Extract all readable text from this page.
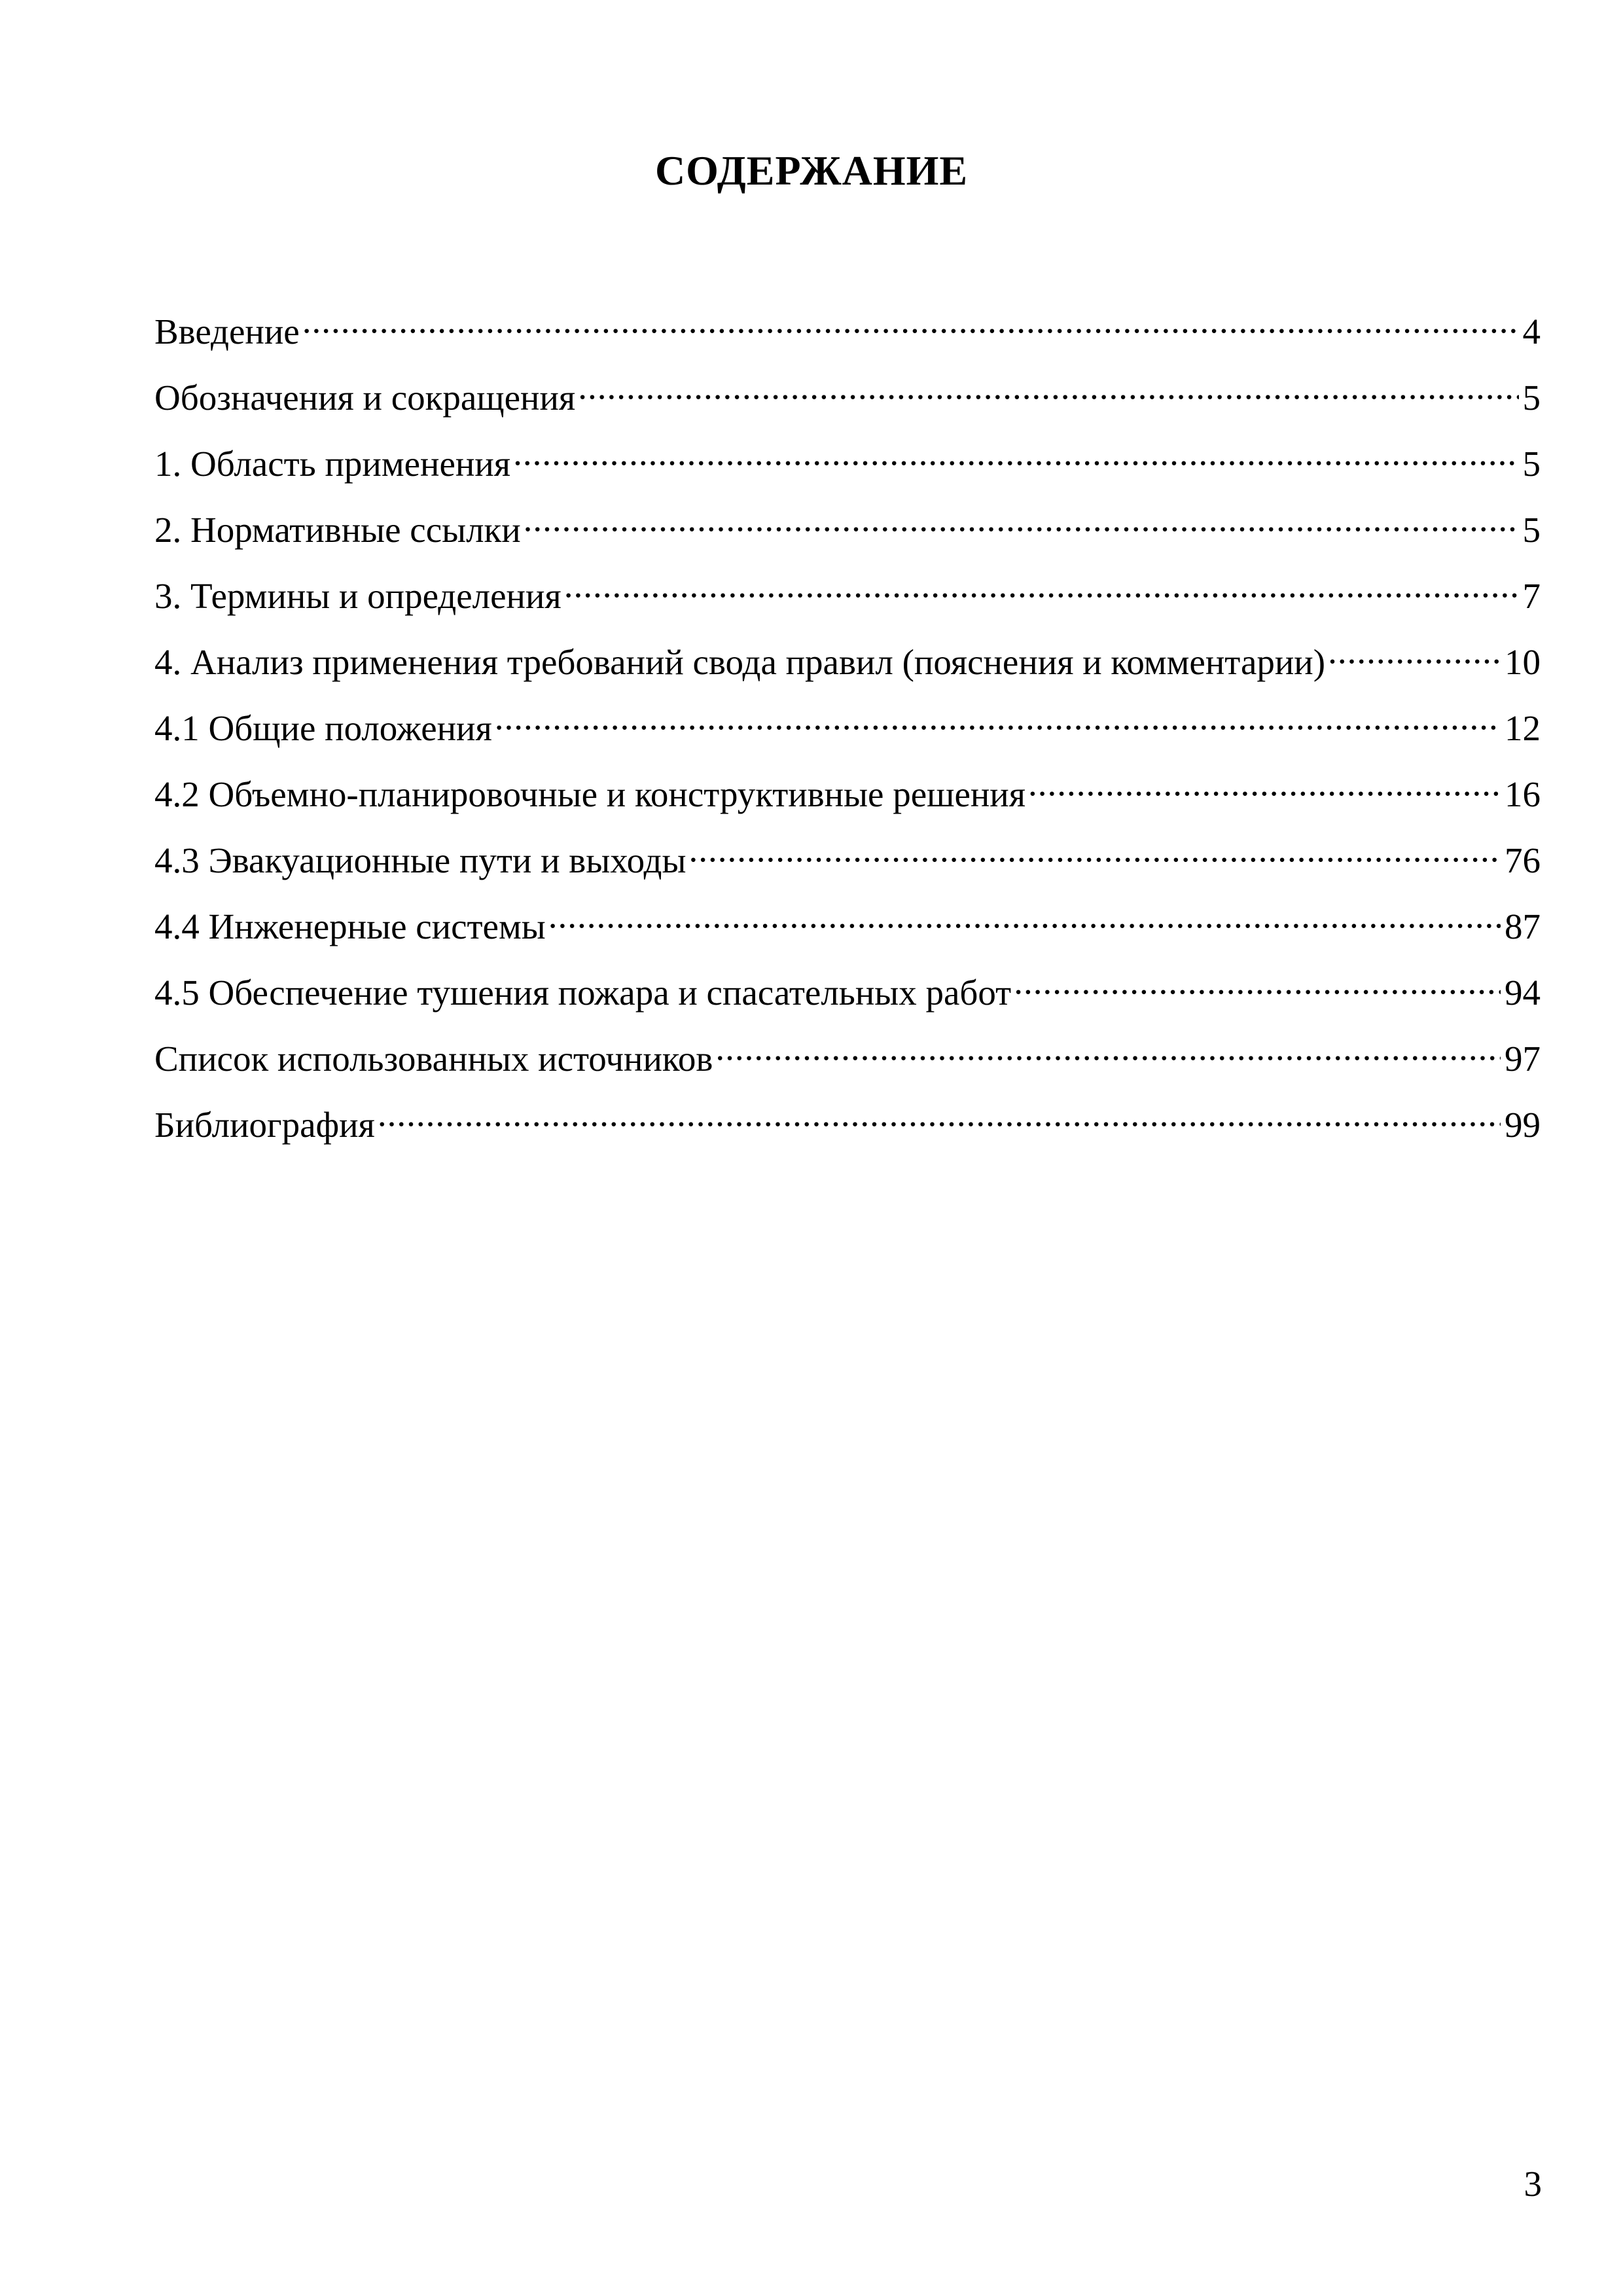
СОДЕРЖАНИЕ
Введение .....	4
Обозначения и сокращения .....	5
1. Область применения .....	5
2. Нормативные ссылки .....	5
3. Термины и определения .....	7
4. Анализ применения требований свода правил (пояснения и комментарии) .....	10
4.1 Общие положения .....	12
4.2 Объемно-планировочные и конструктивные решения .....	16
4.3 Эвакуационные пути и выходы .....	76
4.4 Инженерные системы .....	87
4.5 Обеспечение тушения пожара и спасательных работ .....	94
Список использованных источников .....	97
Библиография .....	99
3
